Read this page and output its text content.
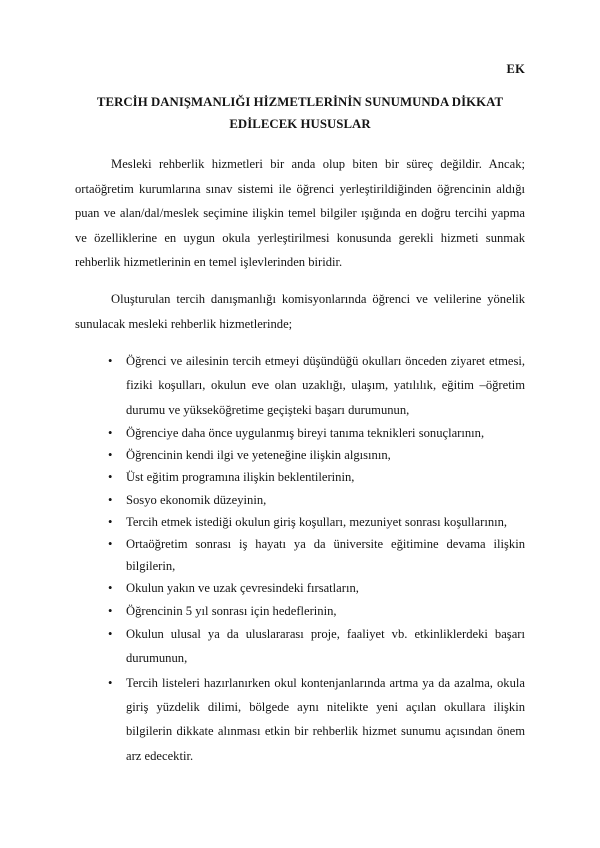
EK
TERCİH DANIŞMANLIĞI HİZMETLERİNİN SUNUMUNDA DİKKAT
EDİLECEK HUSUSLAR

Mesleki rehberlik hizmetleri bir anda olup biten bir süreç değildir. Ancak; ortaöğretim kurumlarına sınav sistemi ile öğrenci yerleştirildiğinden öğrencinin aldığı puan ve alan/dal/meslek seçimine ilişkin temel bilgiler ışığında en doğru tercihi yapma ve özelliklerine en uygun okula yerleştirilmesi konusunda gerekli hizmeti sunmak rehberlik hizmetlerinin en temel işlevlerinden biridir.

Oluşturulan tercih danışmanlığı komisyonlarında öğrenci ve velilerine yönelik sunulacak mesleki rehberlik hizmetlerinde;

•	Öğrenci ve ailesinin tercih etmeyi düşündüğü okulları önceden ziyaret etmesi, fiziki koşulları, okulun eve olan uzaklığı, ulaşım, yatılılık, eğitim –öğretim durumu ve yükseköğretime geçişteki başarı durumunun,
•	Öğrenciye daha önce uygulanmış bireyi tanıma teknikleri sonuçlarının,
•	Öğrencinin kendi ilgi ve yeteneğine ilişkin algısının,
•	Üst eğitim programına ilişkin beklentilerinin,
•	Sosyo ekonomik düzeyinin,
•	Tercih etmek istediği okulun giriş koşulları, mezuniyet sonrası koşullarının,
•	Ortaöğretim sonrası iş hayatı ya da üniversite eğitimine devama ilişkin bilgilerin,
•	Okulun yakın ve uzak çevresindeki fırsatların,
•	Öğrencinin 5 yıl sonrası için hedeflerinin,
•	Okulun ulusal ya da uluslararası proje, faaliyet vb. etkinliklerdeki başarı durumunun,
•	Tercih listeleri hazırlanırken okul kontenjanlarında artma ya da azalma, okula giriş yüzdelik dilimi, bölgede aynı nitelikte yeni açılan okullara ilişkin bilgilerin dikkate alınması etkin bir rehberlik hizmet sunumu açısından önem arz edecektir.
